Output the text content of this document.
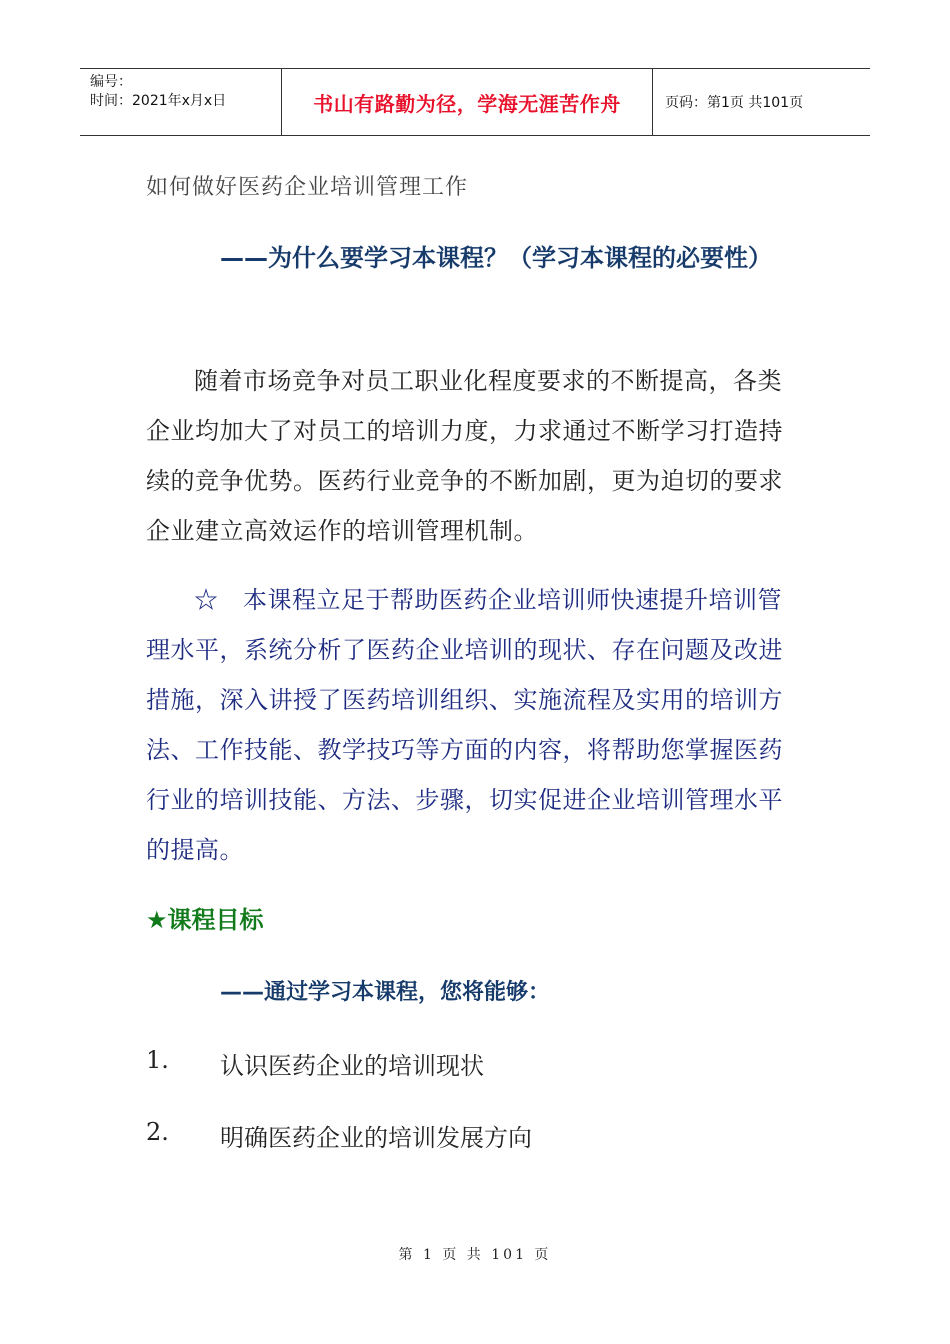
编号：
时间：2021年x月x日	书山有路勤为径，学海无涯苦作舟	页码：第1页 共101页
如何做好医药企业培训管理工作
——为什么要学习本课程？（学习本课程的必要性）
随着市场竞争对员工职业化程度要求的不断提高，各类企业均加大了对员工的培训力度，力求通过不断学习打造持续的竞争优势。医药行业竞争的不断加剧，更为迫切的要求企业建立高效运作的培训管理机制。
☆　本课程立足于帮助医药企业培训师快速提升培训管理水平，系统分析了医药企业培训的现状、存在问题及改进措施，深入讲授了医药培训组织、实施流程及实用的培训方法、工作技能、教学技巧等方面的内容，将帮助您掌握医药行业的培训技能、方法、步骤，切实促进企业培训管理水平的提高。
★课程目标
——通过学习本课程，您将能够：
1.	认识医药企业的培训现状
2.	明确医药企业的培训发展方向
第 1 页 共 101 页
